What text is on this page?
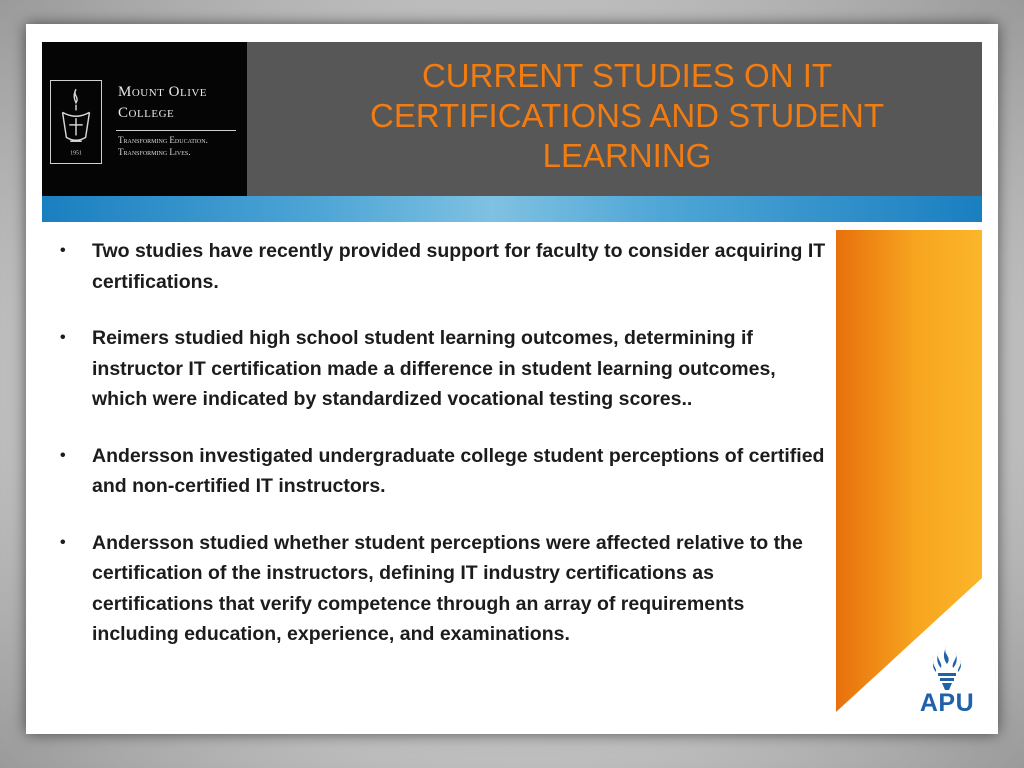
1951
Mount Olive
College
Transforming Education.
Transforming Lives.
CURRENT STUDIES ON IT CERTIFICATIONS AND STUDENT LEARNING
• Two studies have recently provided support for faculty to consider acquiring IT certifications.
• Reimers studied high school student learning outcomes, determining if instructor IT certification made a difference in student learning outcomes, which were indicated by standardized vocational testing scores..
• Andersson investigated undergraduate college student perceptions of certified and non-certified IT instructors.
• Andersson studied whether student perceptions were affected relative to the certification of the instructors, defining IT industry certifications as certifications that verify competence through an array of requirements including education, experience, and examinations.
APU
